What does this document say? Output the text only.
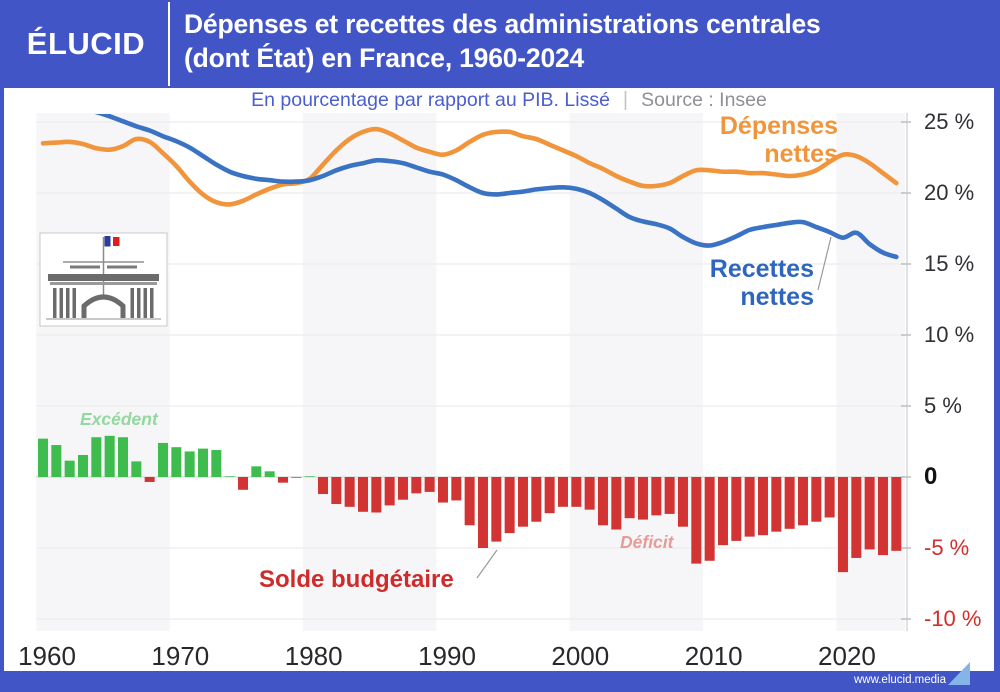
ÉLUCID
Dépenses et recettes des administrations centrales
(dont État) en France, 1960-2024
En pourcentage par rapport au PIB. Lissé | Source : Insee
25 %
20 %
15 %
10 %
5 %
0
-5 %
-10 %
1960	1970	1980	1990	2000	2010	2020
Dépenses nettes
Recettes nettes
Solde budgétaire
Excédent
Déficit
www.elucid.media
